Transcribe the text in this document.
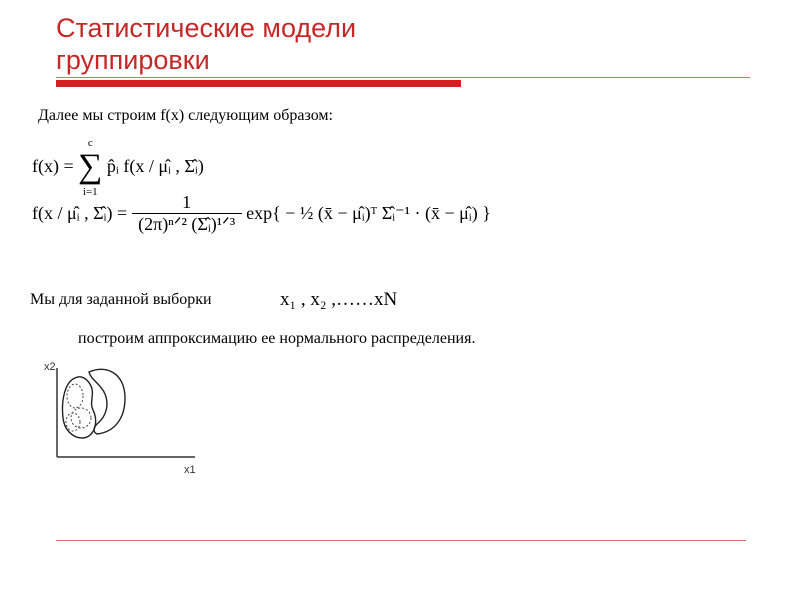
Статистические модели
группировки
Далее мы строим f(x) следующим образом:
f(x) =
c
∑
i=1
p̂ᵢ f(x / μ̂ᵢ , Σ̂ᵢ)
f(x / μ̂ᵢ , Σ̂ᵢ) = $\frac{1}{\text{(2π)ⁿᐟ² (Σ̂ᵢ)¹ᐟ³}} \exp${ − ½ (x̄ − μ̂ᵢ)ᵀ Σ̂ᵢ⁻¹ · (x̄ − μ̂ᵢ) }
Мы для заданной выборки	x₁ , x₂ ,……xN
построим аппроксимацию ее нормального распределения.
x2
x1
